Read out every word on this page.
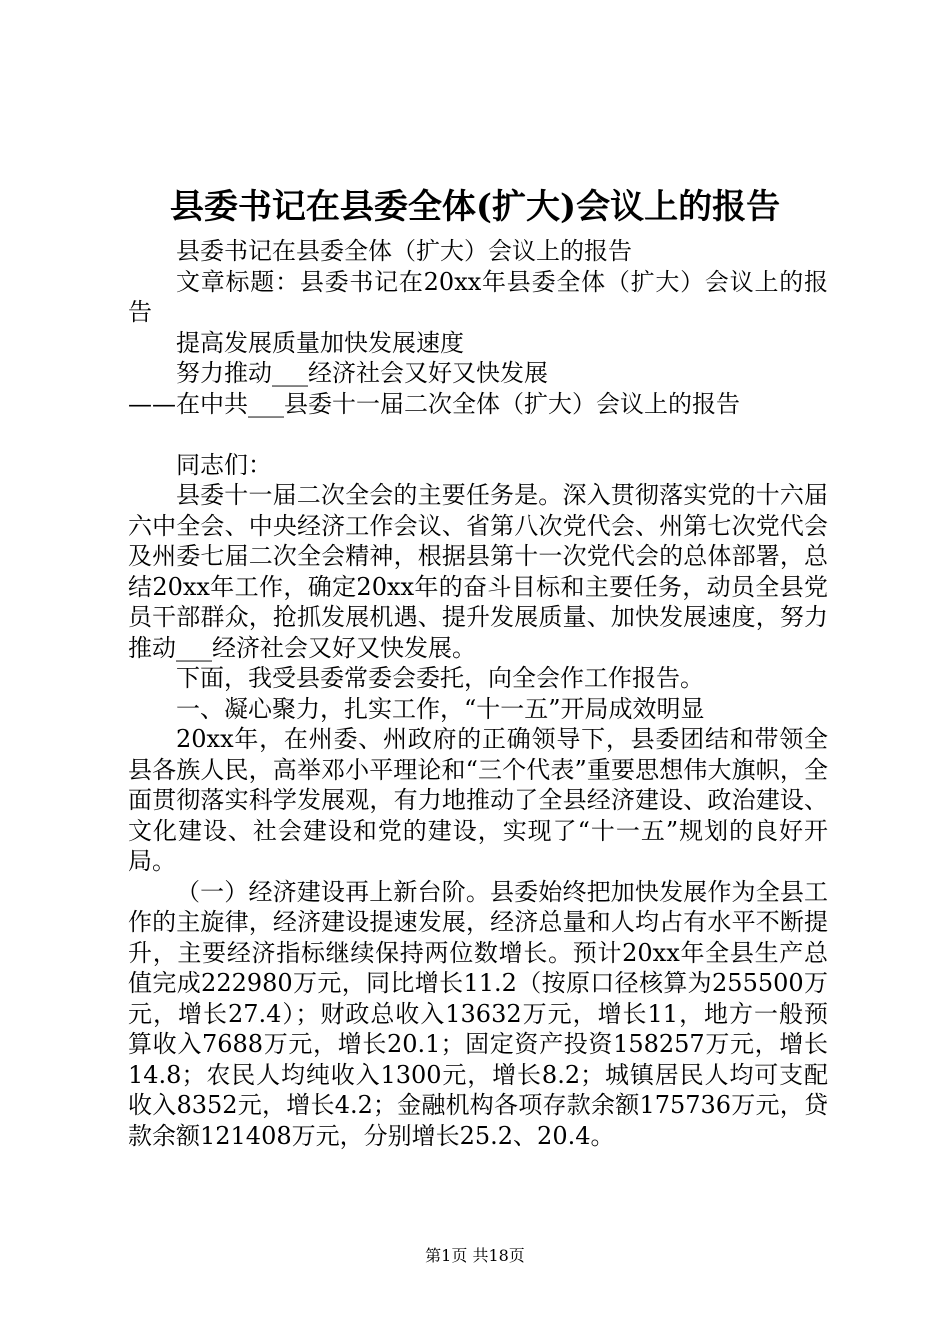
县委书记在县委全体(扩大)会议上的报告

县委书记在县委全体（扩大）会议上的报告

文章标题：县委书记在20xx年县委全体（扩大）会议上的报告

提高发展质量加快发展速度

努力推动___经济社会又好又快发展

——在中共___县委十一届二次全体（扩大）会议上的报告

同志们：

县委十一届二次全会的主要任务是。深入贯彻落实党的十六届六中全会、中央经济工作会议、省第八次党代会、州第七次党代会及州委七届二次全会精神，根据县第十一次党代会的总体部署，总结20xx年工作，确定20xx年的奋斗目标和主要任务，动员全县党员干部群众，抢抓发展机遇、提升发展质量、加快发展速度，努力推动___经济社会又好又快发展。

下面，我受县委常委会委托，向全会作工作报告。

一、凝心聚力，扎实工作，“十一五”开局成效明显

20xx年，在州委、州政府的正确领导下，县委团结和带领全县各族人民，高举邓小平理论和“三个代表”重要思想伟大旗帜，全面贯彻落实科学发展观，有力地推动了全县经济建设、政治建设、文化建设、社会建设和党的建设，实现了“十一五”规划的良好开局。

（一）经济建设再上新台阶。县委始终把加快发展作为全县工作的主旋律，经济建设提速发展，经济总量和人均占有水平不断提升，主要经济指标继续保持两位数增长。预计20xx年全县生产总值完成222980万元，同比增长11.2（按原口径核算为255500万元，增长27.4）；财政总收入13632万元，增长11，地方一般预算收入7688万元，增长20.1；固定资产投资158257万元，增长14.8；农民人均纯收入1300元，增长8.2；城镇居民人均可支配收入8352元，增长4.2；金融机构各项存款余额175736万元，贷款余额121408万元，分别增长25.2、20.4。

第1页 共18页
